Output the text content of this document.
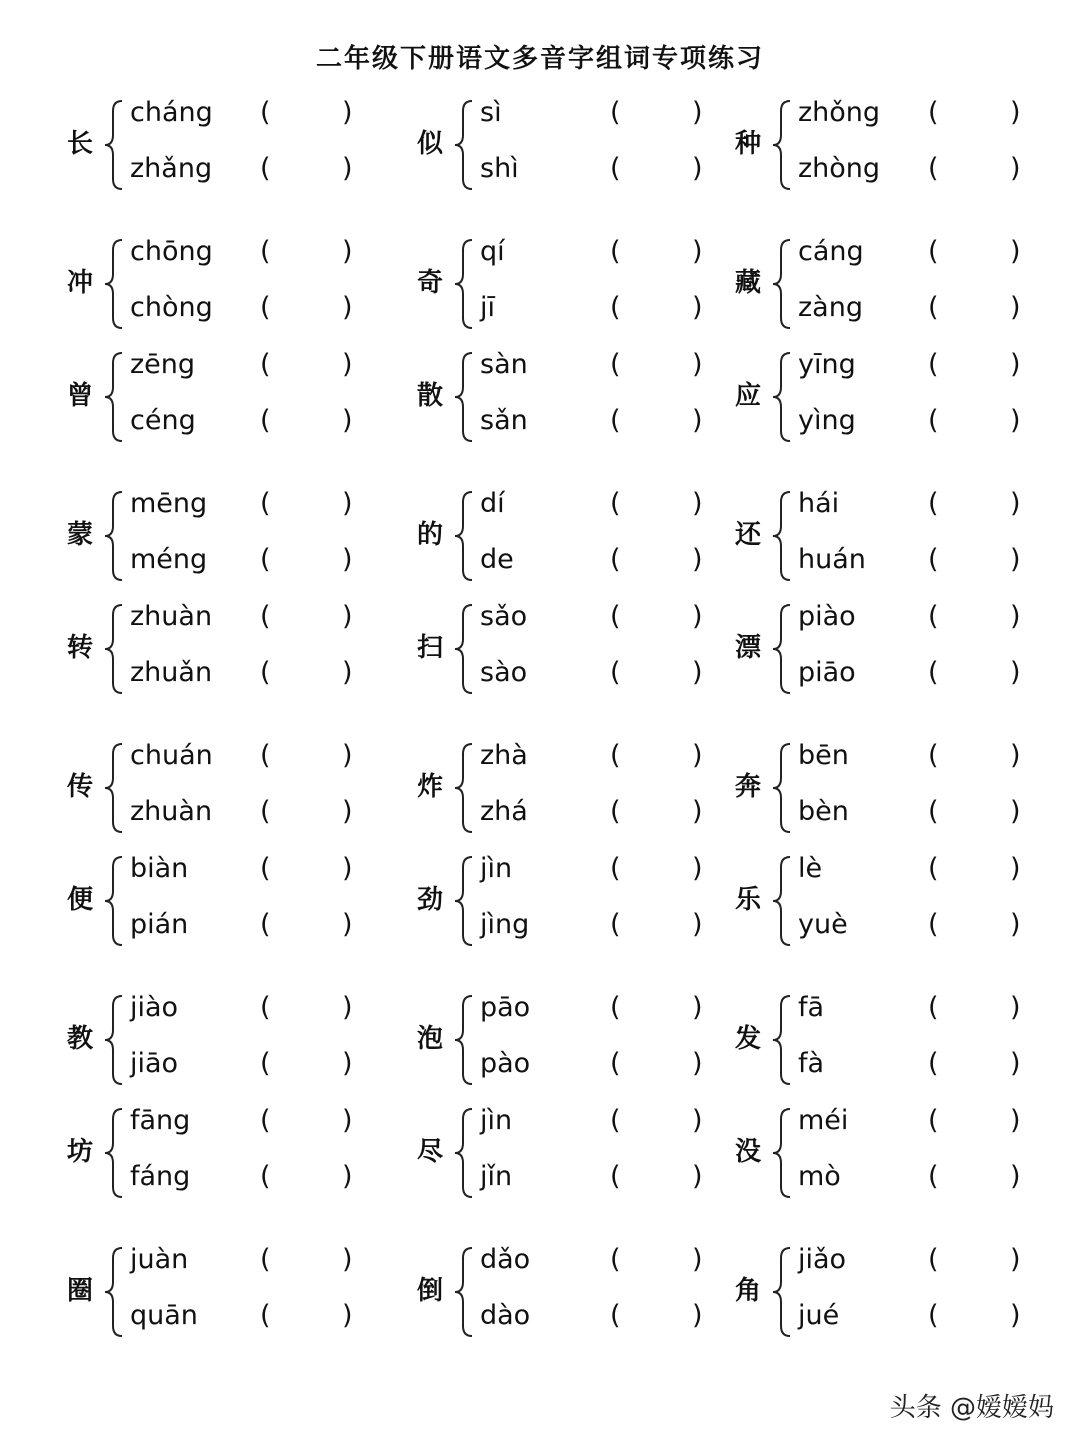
二年级下册语文多音字组词专项练习
长
cháng (	)
zhǎng (	)
似
sì	(	)
shì	(	)
种
zhǒng (	)
zhòng (	)
冲
chōng (	)
chòng (	)
奇
qí	(	)
jī	(	)
藏
cáng (	)
zàng (	)
曾
zēng (	)
céng (	)
散
sàn	(	)
sǎn	(	)
应
yīng	(	)
yìng	(	)
蒙
mēng (	)
méng (	)
的
dí	(	)
de	(	)
还
hái	(	)
huán (	)
转
zhuàn (	)
zhuǎn (	)
扫
sǎo	(	)
sào	(	)
漂
piào	(	)
piāo	(	)
传
chuán (	)
zhuàn (	)
炸
zhà	(	)
zhá	(	)
奔
bēn	(	)
bèn	(	)
便
biàn	(	)
pián	(	)
劲
jìn	(	)
jìng	(	)
乐
lè	(	)
yuè	(	)
教
jiào	(	)
jiāo	(	)
泡
pāo	(	)
pào	(	)
发
fā	(	)
fà	(	)
坊
fāng	(	)
fáng	(	)
尽
jìn	(	)
jǐn	(	)
没
méi	(	)
mò	(	)
圈
juàn	(	)
quān (	)
倒
dǎo	(	)
dào	(	)
角
jiǎo	(	)
jué	(	)
头条 @嫒嫒妈
